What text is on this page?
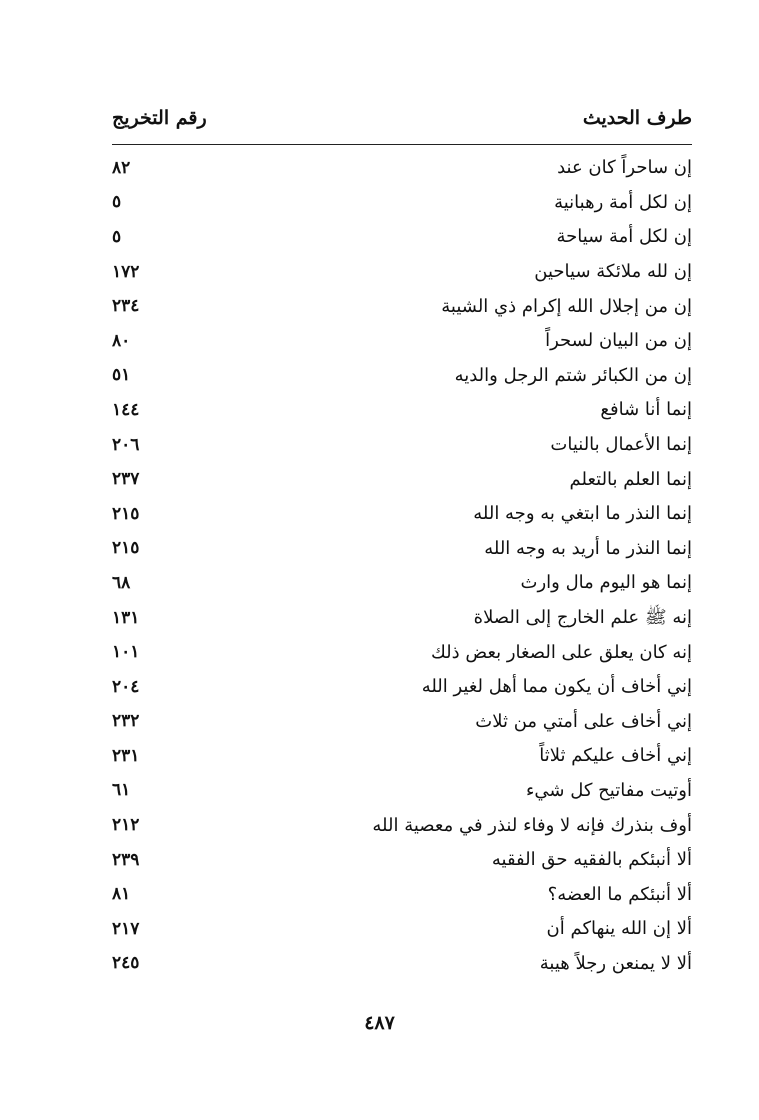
طرف الحديث
رقم التخريج
إن ساحراً كان عند
٨٢
إن لكل أمة رهبانية
٥
إن لكل أمة سياحة
٥
إن لله ملائكة سياحين
١٧٢
إن من إجلال الله إكرام ذي الشيبة
٢٣٤
إن من البيان لسحراً
٨٠
إن من الكبائر شتم الرجل والديه
٥١
إنما أنا شافع
١٤٤
إنما الأعمال بالنيات
٢٠٦
إنما العلم بالتعلم
٢٣٧
إنما النذر ما ابتغي به وجه الله
٢١٥
إنما النذر ما أريد به وجه الله
٢١٥
إنما هو اليوم مال وارث
٦٨
إنه ﷺ علم الخارج إلى الصلاة
١٣١
إنه كان يعلق على الصغار بعض ذلك
١٠١
إني أخاف أن يكون مما أهل لغير الله
٢٠٤
إني أخاف على أمتي من ثلاث
٢٣٢
إني أخاف عليكم ثلاثاً
٢٣١
أوتيت مفاتيح كل شيء
٦١
أوف بنذرك فإنه لا وفاء لنذر في معصية الله
٢١٢
ألا أنبئكم بالفقيه حق الفقيه
٢٣٩
ألا أنبئكم ما العضه؟
٨١
ألا إن الله ينهاكم أن
٢١٧
ألا لا يمنعن رجلاً هيبة
٢٤٥
٤٨٧
